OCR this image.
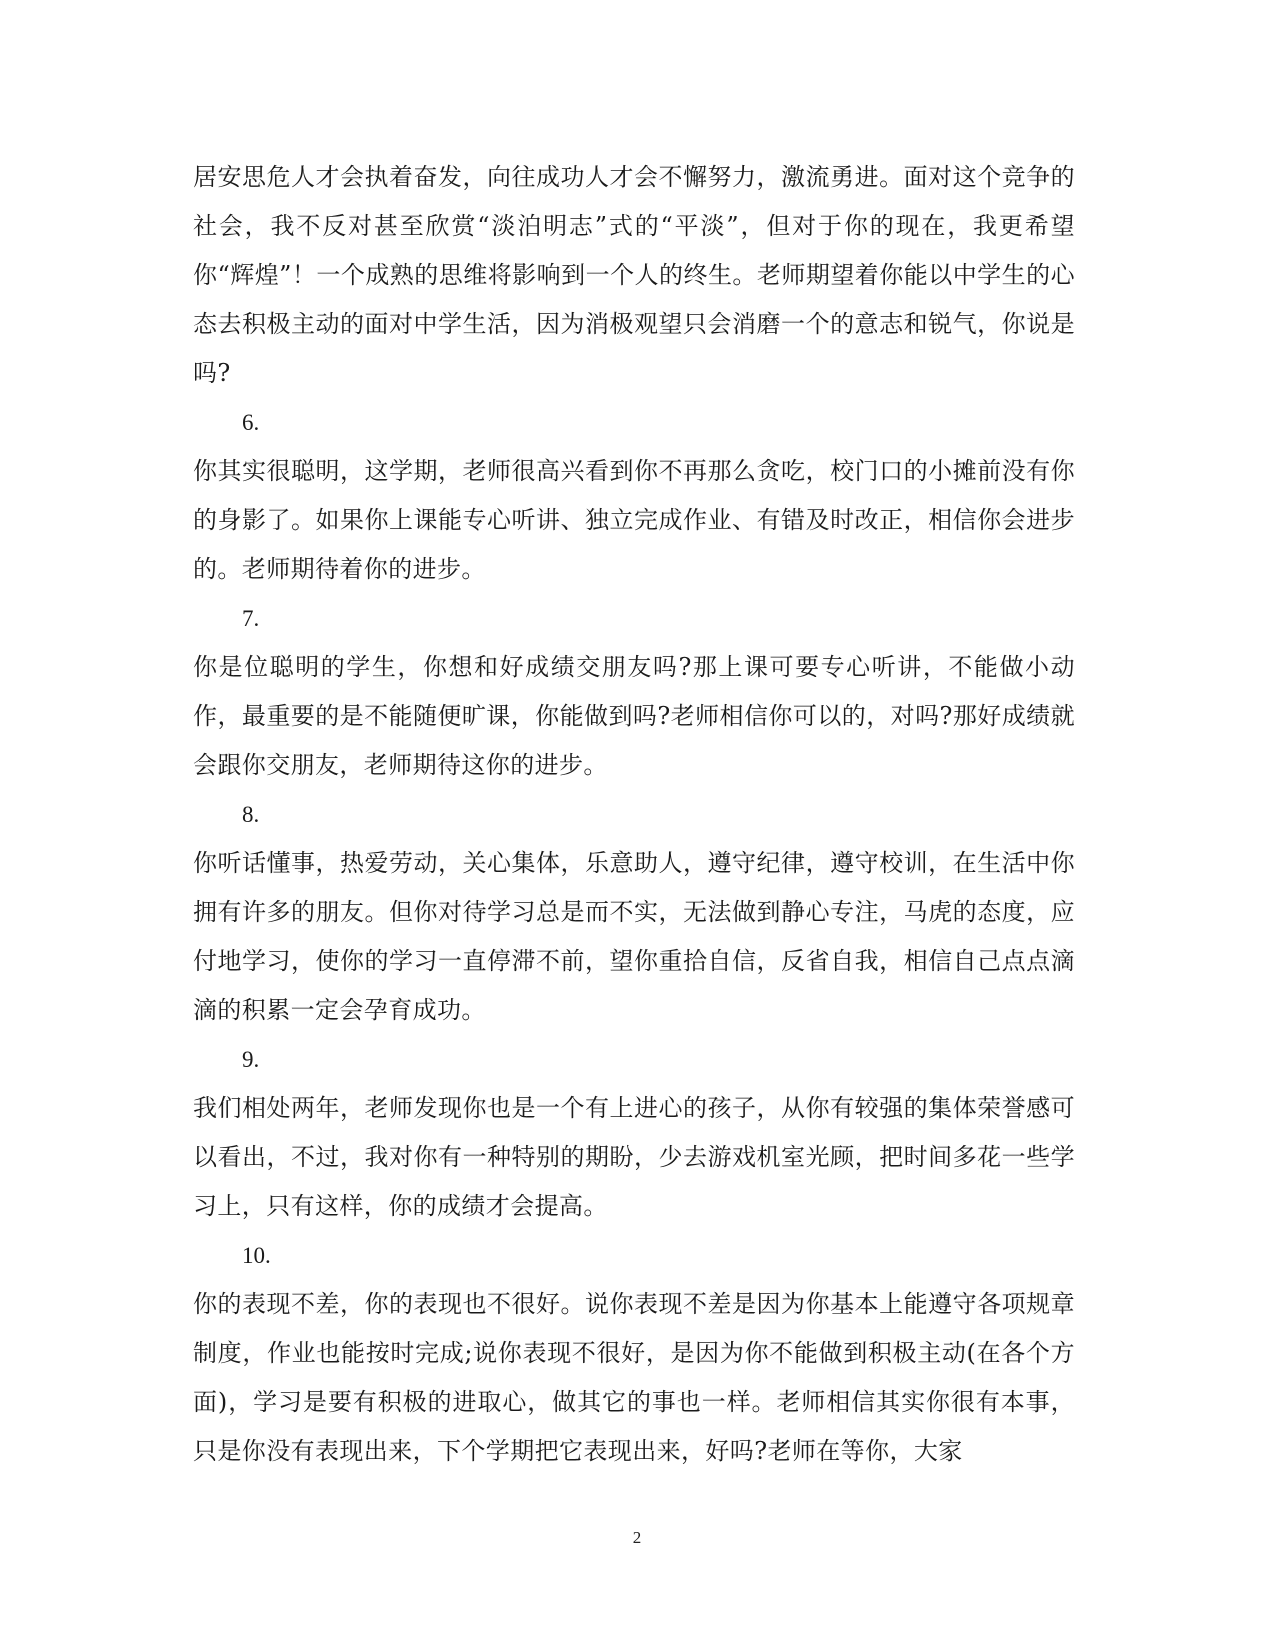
居安思危人才会执着奋发，向往成功人才会不懈努力，激流勇进。面对这个竞争的社会，我不反对甚至欣赏“淡泊明志”式的“平淡”，但对于你的现在，我更希望你“辉煌”！一个成熟的思维将影响到一个人的终生。老师期望着你能以中学生的心态去积极主动的面对中学生活，因为消极观望只会消磨一个的意志和锐气，你说是吗?

6.

你其实很聪明，这学期，老师很高兴看到你不再那么贪吃，校门口的小摊前没有你的身影了。如果你上课能专心听讲、独立完成作业、有错及时改正，相信你会进步的。老师期待着你的进步。

7.

你是位聪明的学生，你想和好成绩交朋友吗?那上课可要专心听讲，不能做小动作，最重要的是不能随便旷课，你能做到吗?老师相信你可以的，对吗?那好成绩就会跟你交朋友，老师期待这你的进步。

8.

你听话懂事，热爱劳动，关心集体，乐意助人，遵守纪律，遵守校训，在生活中你拥有许多的朋友。但你对待学习总是而不实，无法做到静心专注，马虎的态度，应付地学习，使你的学习一直停滞不前，望你重拾自信，反省自我，相信自己点点滴滴的积累一定会孕育成功。

9.

我们相处两年，老师发现你也是一个有上进心的孩子，从你有较强的集体荣誉感可以看出，不过，我对你有一种特别的期盼，少去游戏机室光顾，把时间多花一些学习上，只有这样，你的成绩才会提高。

10.

你的表现不差，你的表现也不很好。说你表现不差是因为你基本上能遵守各项规章制度，作业也能按时完成;说你表现不很好，是因为你不能做到积极主动(在各个方面)，学习是要有积极的进取心，做其它的事也一样。老师相信其实你很有本事，只是你没有表现出来，下个学期把它表现出来，好吗?老师在等你，大家

2
